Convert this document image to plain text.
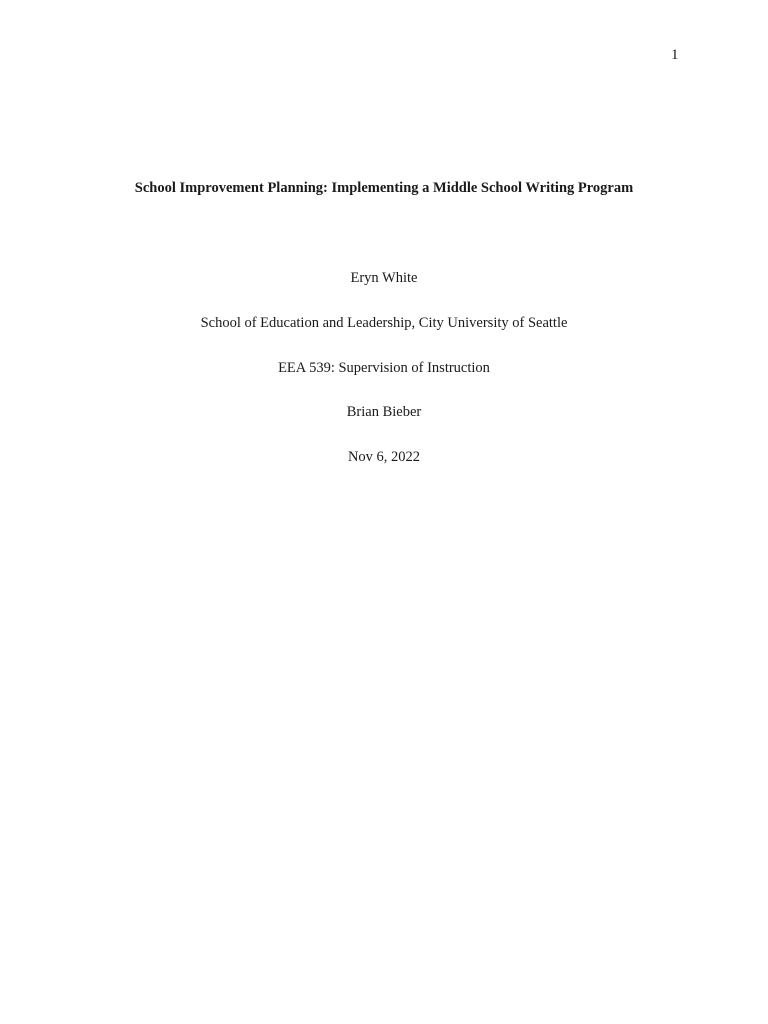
1
School Improvement Planning: Implementing a Middle School Writing Program
Eryn White
School of Education and Leadership, City University of Seattle
EEA 539: Supervision of Instruction
Brian Bieber
Nov 6, 2022
